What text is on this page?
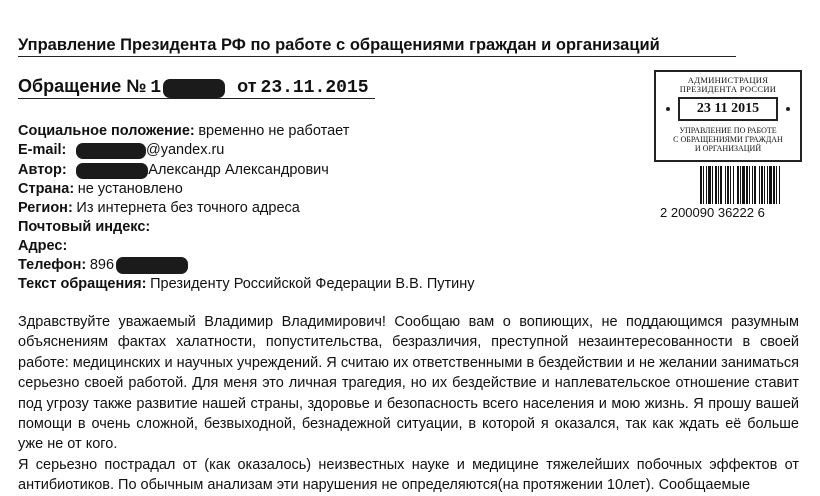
Управление Президента РФ по работе с обращениями граждан и организаций
Обращение № 1	от 23.11.2015
Социальное положение: временно не работает
E-mail:	@yandex.ru
Автор:	Александр Александрович
Страна: не установлено
Регион: Из интернета без точного адреса
Почтовый индекс:
Адрес:
Телефон: 896
Текст обращения: Президенту Российской Федерации В.В. Путину
АДМИНИСТРАЦИЯ
ПРЕЗИДЕНТА РОССИИ
23 11 2015
УПРАВЛЕНИЕ ПО РАБОТЕ
С ОБРАЩЕНИЯМИ ГРАЖДАН
И ОРГАНИЗАЦИЙ
2 200090 36222 6

Здравствуйте уважаемый Владимир Владимирович! Сообщаю вам о вопиющих, не поддающимся разумным объяснениям фактах халатности, попустительства, безразличия, преступной незаинтересованности в своей работе: медицинских и научных учреждений. Я считаю их ответственными в бездействии и не желании заниматься серьезно своей работой. Для меня это личная трагедия, но их бездействие и наплевательское отношение ставит под угрозу также развитие нашей страны, здоровье и безопасность всего населения и мою жизнь. Я прошу вашей помощи в очень сложной, безвыходной, безнадежной ситуации, в которой я оказался, так как ждать её больше уже не от кого.

Я серьезно пострадал от (как оказалось) неизвестных науке и медицине тяжелейших побочных эффектов от антибиотиков. По обычным анализам эти нарушения не определяются(на протяжении 10лет). Сообщаемые
